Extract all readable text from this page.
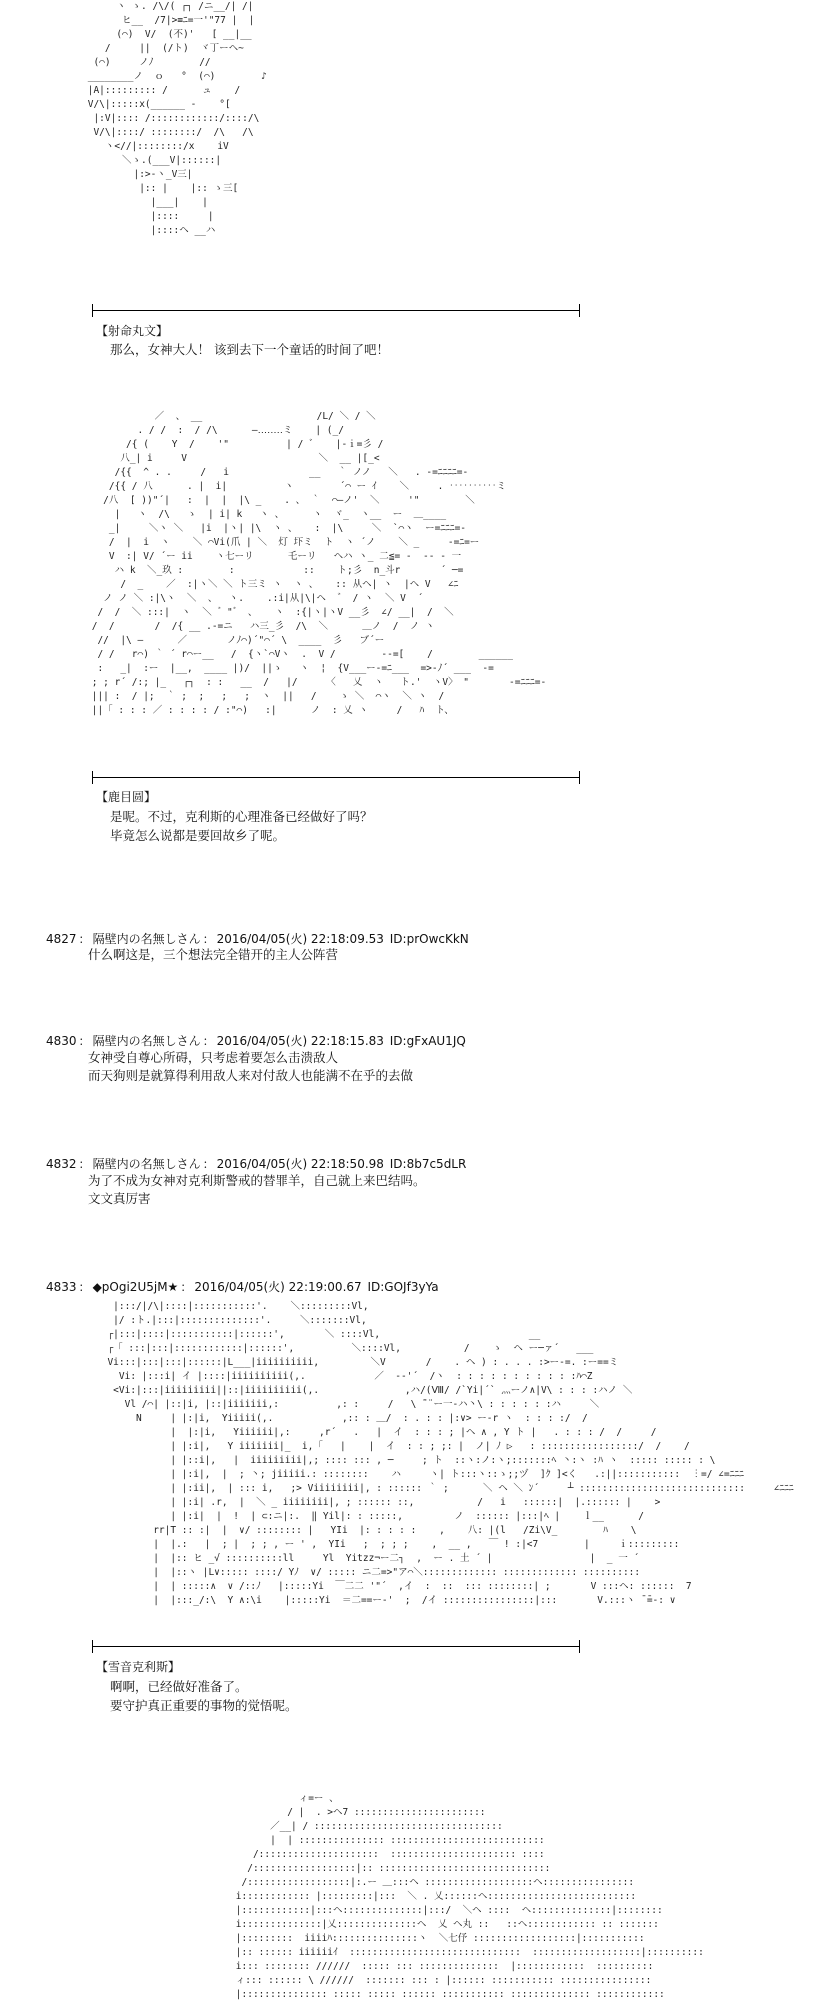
ヽ ゝ. /\/( ┌┐ /ニ__/| /|
ヒ__  /7|>≡ﾆ=一'"77 |  |
(⌒)  V/  (不)'   [ __|__
/     ||  (/ト)  ヾ丁ーヘ~
(⌒)     ノﾉ        //
________ノ  ｏ   °  (⌒)        ♪
|A|::::::::: /      ュ    /
V/\|:::::x(______ -    °[
|:V|:::: /::::::::::::/::::/\
V/\|::::/ ::::::::/  /\   /\
ヽ<//|::::::::/x    iV
＼ゝ.(___V|::::::|
|:>-ヽ_V三|
|:: |    |:: ゝ三[
|___|    |
|::::     |
|::::ヘ __ハ
【射命丸文】
那么，女神大人！ 该到去下一个童话的时间了吧！
／  、 __                    /L/ ＼ / ＼
. / /  :  / /\      ―‥‥‥‥ミ    | (_/
/{ (    Y  /    '"          | / ゛   |-ｉ=彡 /
八_| i     V                       ＼  __ |[_<
/{{  ^ . .     /   i              __   ｀ ノノ   ＼   . -=ﾆﾆﾆﾆ=-
/{{ / 八      . |  i|          ヽ        ´⌒ ー ｲ    ＼     . ‥‥‥‥‥ミ
/八  [ ))"´|   :  |  |  |\ _    . 、 ｀  ⌒―ノ'  ＼     '"        ＼
|   ヽ  /\   ゝ  | i| k   ヽ 、     ヽ  ヾ_  ヽ__  ー  ＿____
_|     ＼ヽ ＼   |i  |ヽ| |\  ヽ 、   :  |\     ＼  `⌒ヽ  ー=ﾆﾆﾆ=-
/  |  i  ヽ    ＼ ⌒Vi(爪 | ＼  灯 圷ミ  ト  ヽ ´ノ    ＼ _     ‐=ﾆ=ー
V  :| V/ ´ー ii    ヽ七ーリ      乇ーリ   ヘハ ヽ_ 二≦= -  ‐- - 一
ハ k  ＼_玖 :        :            ::    ト;彡  n_斗r       ´ ─=
/  _    ／  :|ヽ＼ ＼ ト三ミ ヽ  ヽ 、   :: 从ヘ| ヽ  |ヘ V   ∠ﾆ
ノ ノ ＼ :|\ヽ  ＼  、  ヽ.    .:i|从|\|ヘ  ゛ / ヽ  ＼ V  ´
/  /  ＼ :::|  ヽ  ＼ ゛"゛ 、   ヽ  :{|ヽ|ヽV __彡  ∠/ __|  /  ＼
/  /       /  /{ __ .-=ニ   ハ三_彡  /\  ＼      ＿ノ  /  ノ ヽ
//  |\ ―      ／       ノﾉ⌒)´"⌒´ \  ____  彡   ブ´ー
/ /   r⌒) ｀ ´ r⌒ー__   /  {ヽ`⌒Vヽ  .  V /        --=[    /        ______
:   _|  :ー  |__,  ____ |)/  ||ゝ   ヽ  ¦  {V___ー‐=ﾆ___  =>-ﾉ´ ___  -=
; ; r´ /:; |_   ┌┐  : :   __  /   |/     〈   乂  ヽ   ト.'  ヽV〉 "       -=ﾆﾆﾆ=-
||| :  / |;  ｀ ;  ;   ;   ;  ヽ  ||   /    ゝ ＼  ⌒ヽ  ＼ ヽ  /
||「 : : : ／ : : : : / :"⌒)   :|      ノ  : 乂 ヽ     /   ﾊ  ト、
【鹿目圆】
是呢。不过，克利斯的心理准备已经做好了吗？
毕竟怎么说都是要回故乡了呢。
4827 ： 隔壁内の名無しさん ： 2016/04/05(火) 22:18:09.53 ID:prOwcKkN
什么啊这是，三个想法完全错开的主人公阵营
4830 ： 隔壁内の名無しさん ： 2016/04/05(火) 22:18:15.83 ID:gFxAU1JQ
女神受自尊心所碍，只考虑着要怎么击溃敌人
而天狗则是就算得利用敌人来对付敌人也能满不在乎的去做
4832 ： 隔壁内の名無しさん ： 2016/04/05(火) 22:18:50.98 ID:8b7c5dLR
为了不成为女神对克利斯警戒的替罪羊，自己就上来巴结吗。
文文真厉害
4833 ： ◆pOgi2U5jM★ ： 2016/04/05(火) 22:19:00.67 ID:GOJf3yYa
|:::/|/\|::::|:::::::::::'.    ＼:::::::::Vl,
|/ :ト.|:::|::::::::::::::'.     ＼:::::::Vl,
┌|:::|::::|:::::::::::|::::::',       ＼ ::::Vl,                          __
┌「 :::|:::|::::::::::::|::::::',          ＼::::Vl,           /    ゝ  ヘ ー─ァ´   ___
Vi:::|:::|:::|::::::|L___|iiiiiiiiii,         ＼V       /    . ヘ ) : . . . :>ー‐=. :ー==ミ
Vi: |:::i| イ |::::|iiiiiiiiii(,.            ／  -‐'´  /ヽ  : : : : : : : : : : :ﾊ⌒Z
<Vi:|:::|iiiiiiiii||::|iiiiiiiiii(,.               ,ハ/(Ⅷ/ /`Yi|´` 灬ーノ∧|V\ : : : :ハノ ＼
Vl /⌒| |::|i, |::|iiiiiii,:          ,: :     /   \ ̄¨¨ー一‐ハ丶\ : : : : : :ハ     ＼
N     | |:|i,  Yiiiii(,.            ,:: : ＿/  : . : : |:∨> ー‐r ヽ  : : : :/  /
|  |:|i,   Yiiiiii|,:     ,r´   .   |  イ  : : : ; |ヘ ∧ , Y ト |   . : : : /  /     /
| |:i|,   Y iiiiiii|_  i,「   |    |  イ  : : ; ;: |  ノ| ﾉ ▷   : :::::::::::::::::/  /    /
| |::i|,   |  iiiiiiiii|,; :::: ::: , ─     ; ト  ::ヽ:ノ:ヽ;:::::::ﾍ 丶:ヽ :ﾊ ヽ  ::::: ::::: : \
| |:i|,  |  ; 丶; jiiiii.: ::::::::    ハ     ヽ| ト:::ヽ::ゝ;;ヅ  ]ｸ ]<く   .:||:::::::::::  ︙=/ ∠=ﾆﾆﾆ
| |:ii|,  | ::: i,   ;> Viiiiiiii|, : :::::: ｀ ;      ＼ ヘ ＼ ﾝ´     ┴ :::::::::::::::::::::::::::::     ∠ﾆﾆﾆ
| |:i| .r,  |  ＼ _ iiiiiiii|, ; :::::: ::,           /   i   ::::::|  |.:::::: |    >
| |:i|  |  !  | ⊂:ニ|:.  ‖ Yil|: : :::::,         ノ  :::::: |:::|ﾍ |    ｌ__      /
rr|T :: :|  |  ∨/ :::::::: |   YIi  |: : : : :    ,    八: |(l   /Zi\V_        ﾊ    \
|  |.:   |  ; |  ; ; , ー ' ,  YIi   ;  ; ; ;    ,  __ ,   ￣ ! :|<7        |     ｉ:::::::::
|  |:: ヒ _√ ::::::::::ll     Yl  Yitzz¬ー二┐  ,  ー . 土 ´ |                 |  _ 一 ´
|  |::ヽ |L∨::::: ::::/ Yﾉ  ∨/ ::::: ニ二=>"ア⌒＼::::::::::::: ::::::::::::: ::::::::::
|  | :::::∧  ∨ /::ﾉ   |:::::Yi  ￣二二 '"´  ,イ  :  ::  ::: ::::::::| ;       V :::ヘ: ::::::  7
|  |:::_/:\  Y ∧:\i    |:::::Yi  ＝二==ー‐'  ;  /イ ::::::::::::::::|:::       V.:::ヽ ̄ ̄=-: ∨
【雪音克利斯】
啊啊，已经做好准备了。
要守护真正重要的事物的觉悟呢。
ィ=ー 、
/ |  . >ヘ7 :::::::::::::::::::::::
／__| / :::::::::::::::::::::::::::::::::
|  | ::::::::::::::: :::::::::::::::::::::::::::
/:::::::::::::::::::::  :::::::::::::::::::::: ::::
/::::::::::::::::::|:: ::::::::::::::::::::::::::::::
/::::::::::::::::::|:.ー ＿:::ヘ :::::::::::::::::::ヘ::::::::::::::::
i:::::::::::: |:::::::::|:::  ＼ . 乂::::::ヘ::::::::::::::::::::::::::
|::::::::::::|:::ヘ::::::::::::::|:::/  ＼ヘ ::::  ヘ::::::::::::::|::::::::
i::::::::::::::|乂::::::::::::::ヘ  乂 ヘ丸 ::   ::ヘ:::::::::::: :: :::::::
|:::::::::  iiiiﾊ:::::::::::::::ヽ  ＼七伃 ::::::::::::::::::|:::::::::::
|:: :::::: iiiiiiｲ  ::::::::::::::::::::::::::::::  :::::::::::::::::::|::::::::::
i::: :::::::: //////  ::::: ::: ::::::::::::::  |::::::::::::  ::::::::::
ィ::: :::::: \ //////  ::::::: ::: : |:::::: ::::::::::: ::::::::::::::::
|::::::::::::::: ::::: ::::: :::::: ::::::::::: :::::::::::::: ::::::::::::
